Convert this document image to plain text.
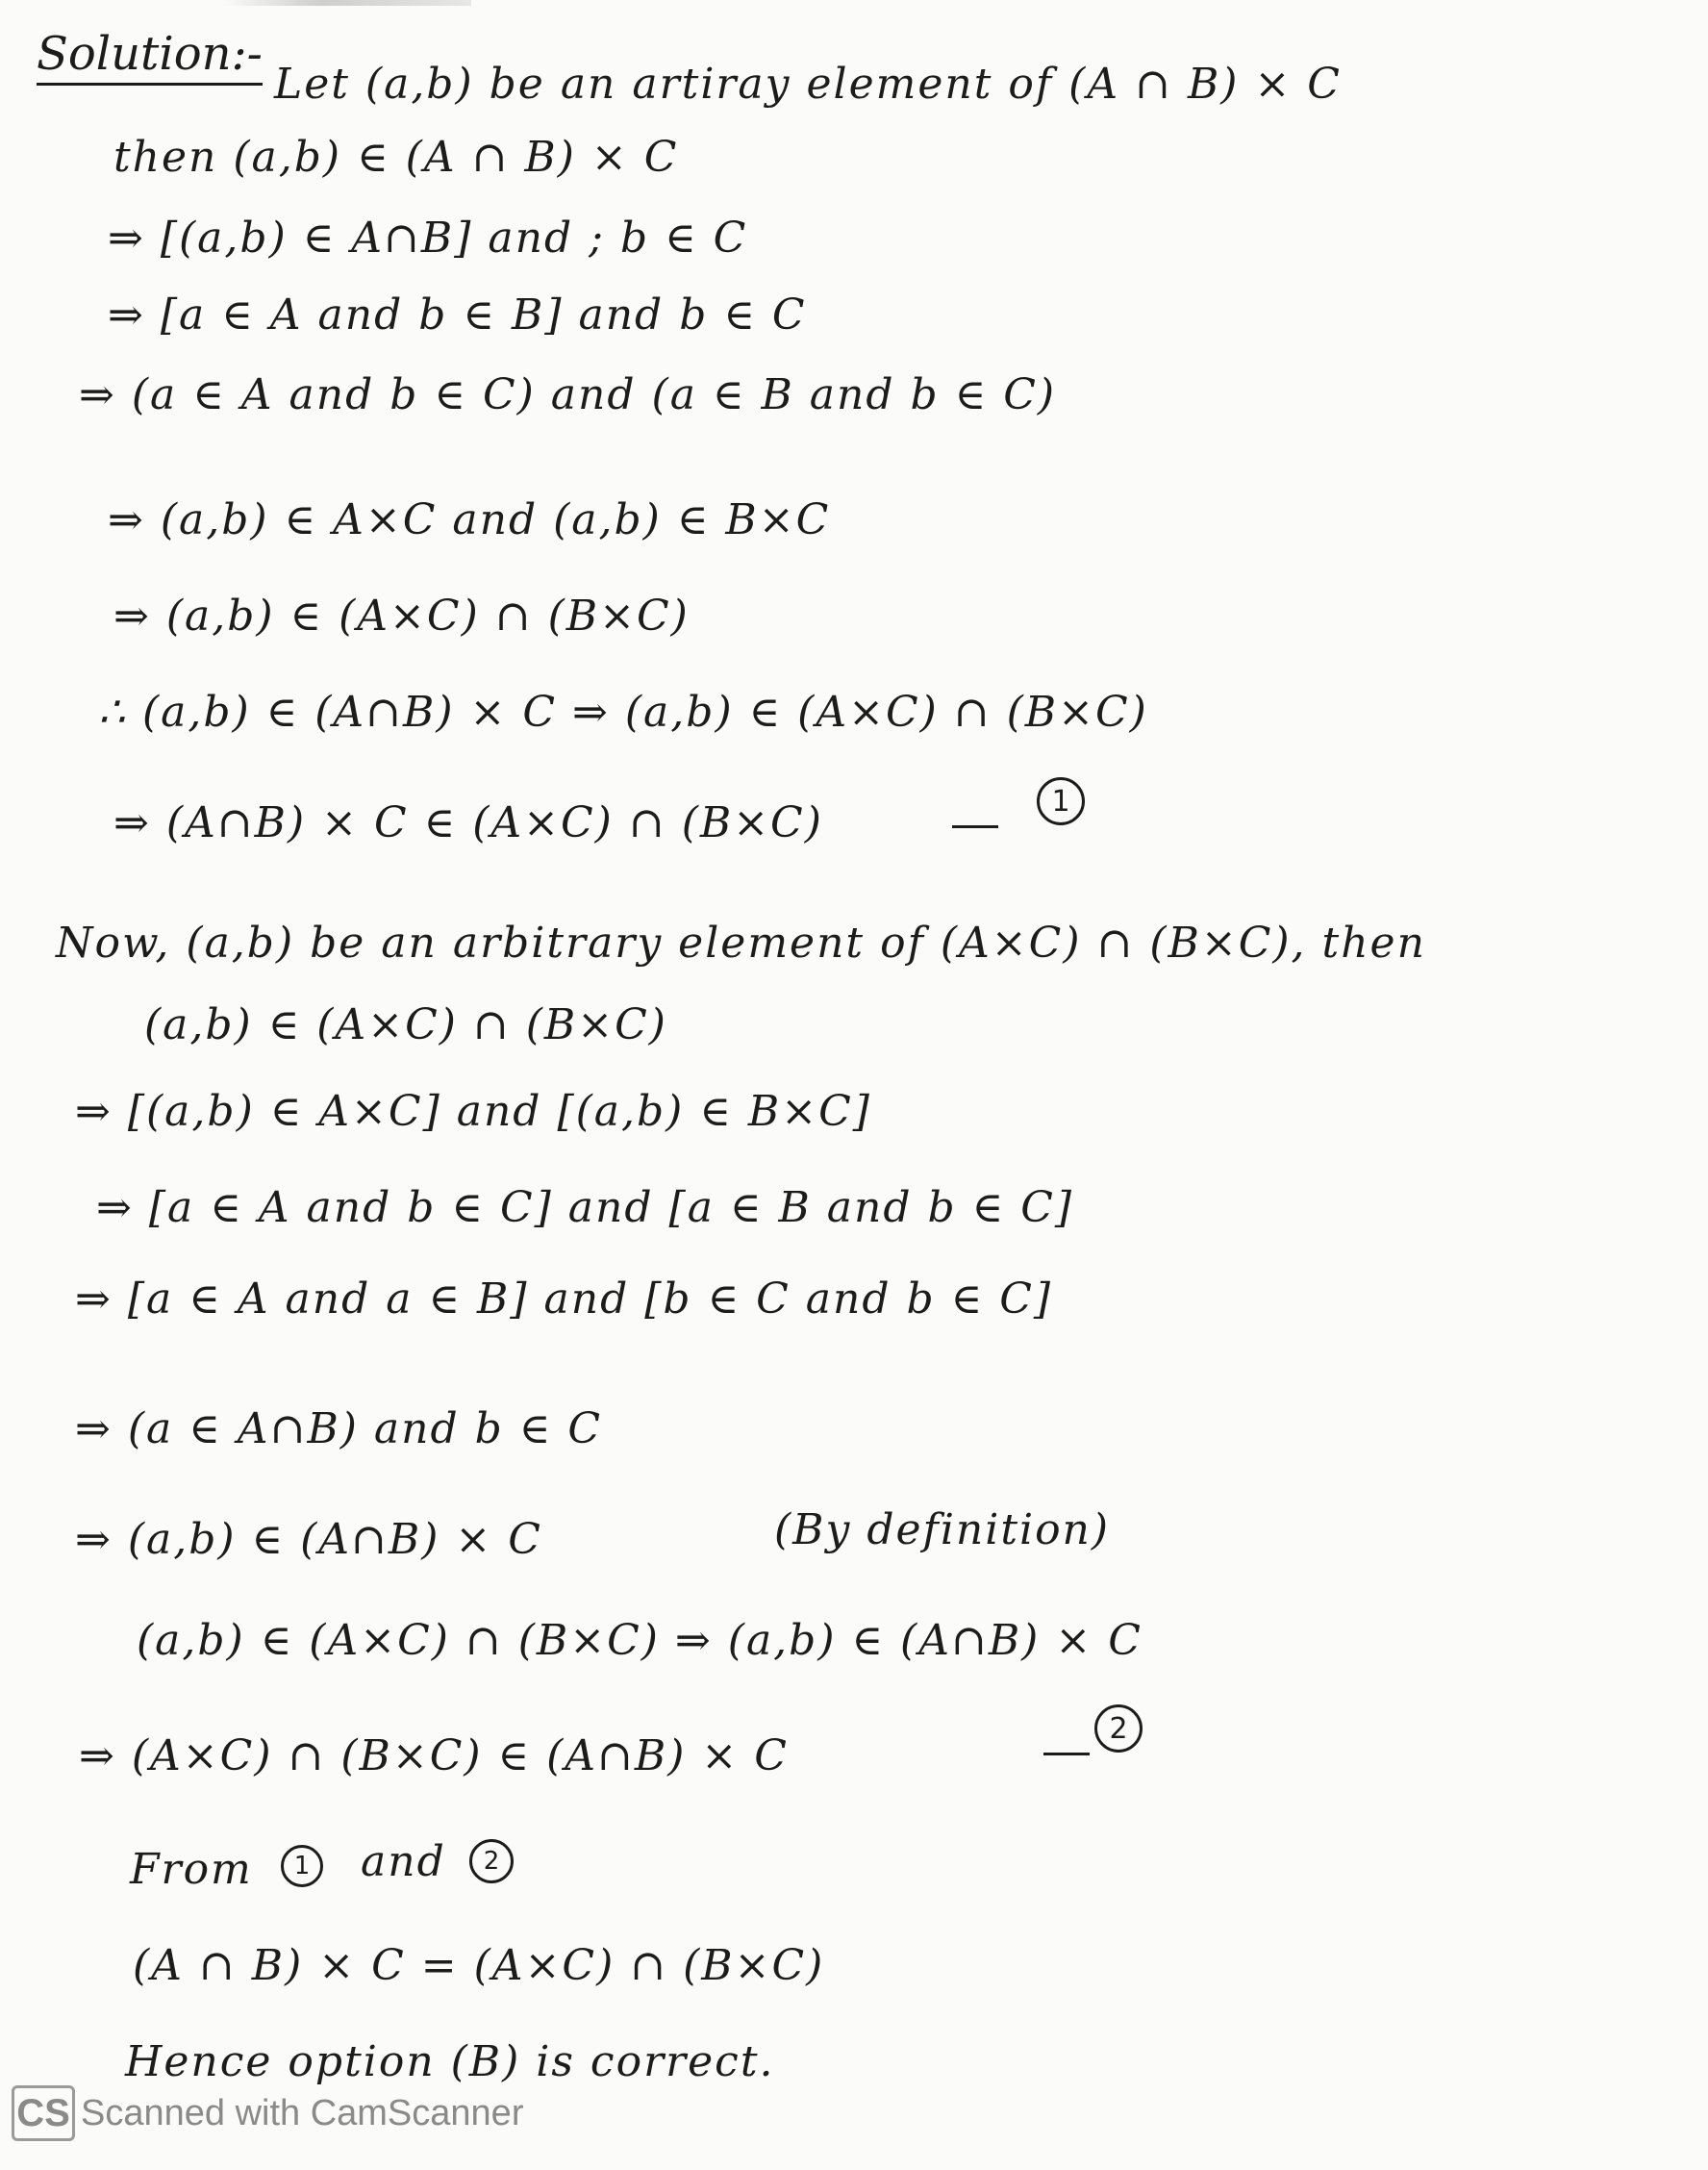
Solution:-
Let (a,b) be an artiray element of (A ∩ B) × C
then (a,b) ∈ (A ∩ B) × C
⇒ [(a,b) ∈ A∩B] and ; b ∈ C
⇒ [a ∈ A and b ∈ B] and b ∈ C
⇒ (a ∈ A and b ∈ C) and (a ∈ B and b ∈ C)
⇒ (a,b) ∈ A×C and (a,b) ∈ B×C
⇒ (a,b) ∈ (A×C) ∩ (B×C)
∴ (a,b) ∈ (A∩B) × C ⇒ (a,b) ∈ (A×C) ∩ (B×C)
⇒ (A∩B) × C ∈ (A×C) ∩ (B×C)	1
Now, (a,b) be an arbitrary element of (A×C) ∩ (B×C), then
(a,b) ∈ (A×C) ∩ (B×C)
⇒ [(a,b) ∈ A×C] and [(a,b) ∈ B×C]
⇒ [a ∈ A and b ∈ C] and [a ∈ B and b ∈ C]
⇒ [a ∈ A and a ∈ B] and [b ∈ C and b ∈ C]
⇒ (a ∈ A∩B) and b ∈ C
⇒ (a,b) ∈ (A∩B) × C	(By definition)
(a,b) ∈ (A×C) ∩ (B×C) ⇒ (a,b) ∈ (A∩B) × C
⇒ (A×C) ∩ (B×C) ∈ (A∩B) × C
2
From	1	and	2
(A ∩ B) × C = (A×C) ∩ (B×C)
Hence option (B) is correct.
CS Scanned with CamScanner
